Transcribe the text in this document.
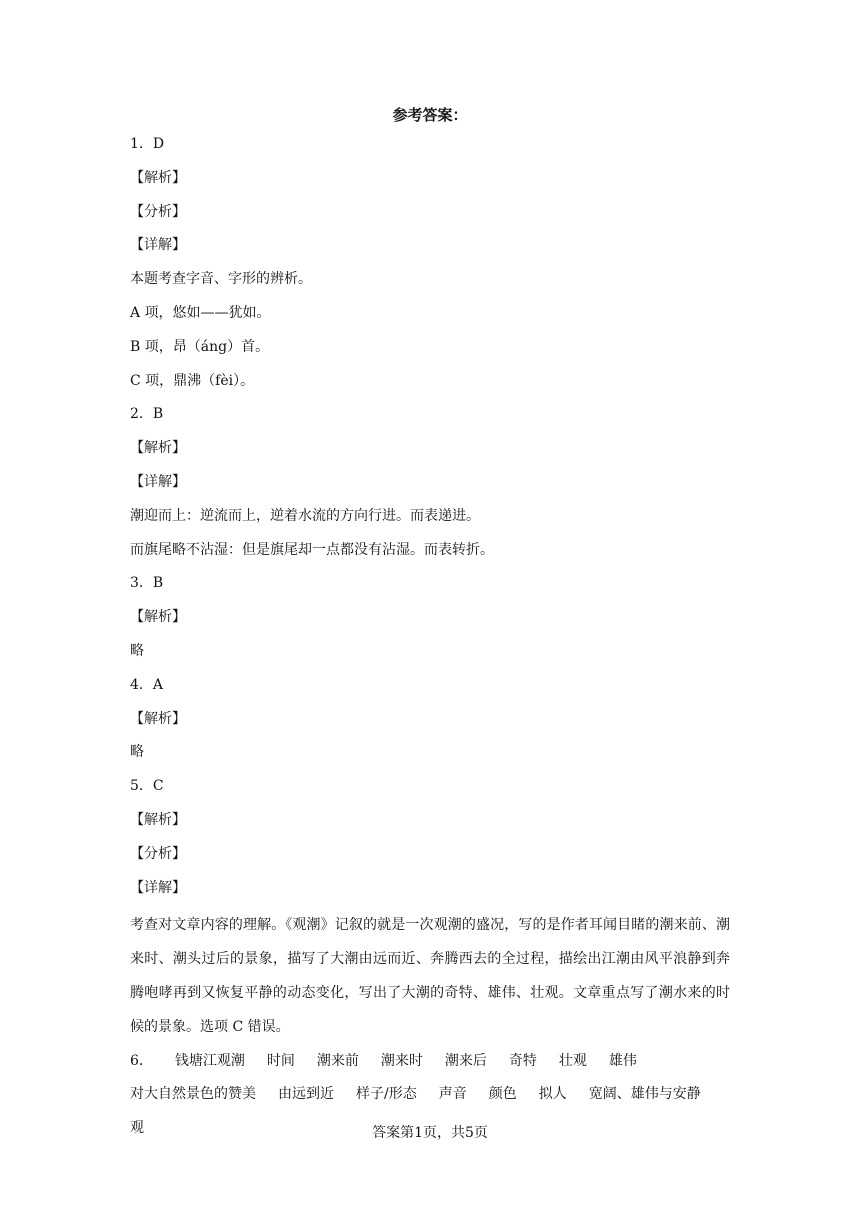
参考答案：
1．D
【解析】
【分析】
【详解】
本题考查字音、字形的辨析。
A 项，悠如——犹如。
B 项，昂（áng）首。
C 项，鼎沸（fèi）。
2．B
【解析】
【详解】
潮迎而上：逆流而上，逆着水流的方向行进。而表递进。
而旗尾略不沾湿：但是旗尾却一点都没有沾湿。而表转折。
3．B
【解析】
略
4．A
【解析】
略
5．C
【解析】
【分析】
【详解】

考查对文章内容的理解。《观潮》记叙的就是一次观潮的盛况，写的是作者耳闻目睹的潮来前、潮来时、潮头过后的景象，描写了大潮由远而近、奔腾西去的全过程，描绘出江潮由风平浪静到奔腾咆哮再到又恢复平静的动态变化，写出了大潮的奇特、雄伟、壮观。文章重点写了潮水来的时候的景象。选项 C 错误。

6． 钱塘江观潮 时间 潮来前 潮来时 潮来后 奇特 壮观 雄伟
对大自然景色的赞美 由远到近 样子/形态 声音 颜色 拟人 宽阔、雄伟与安静
观	答案第1页，共5页
